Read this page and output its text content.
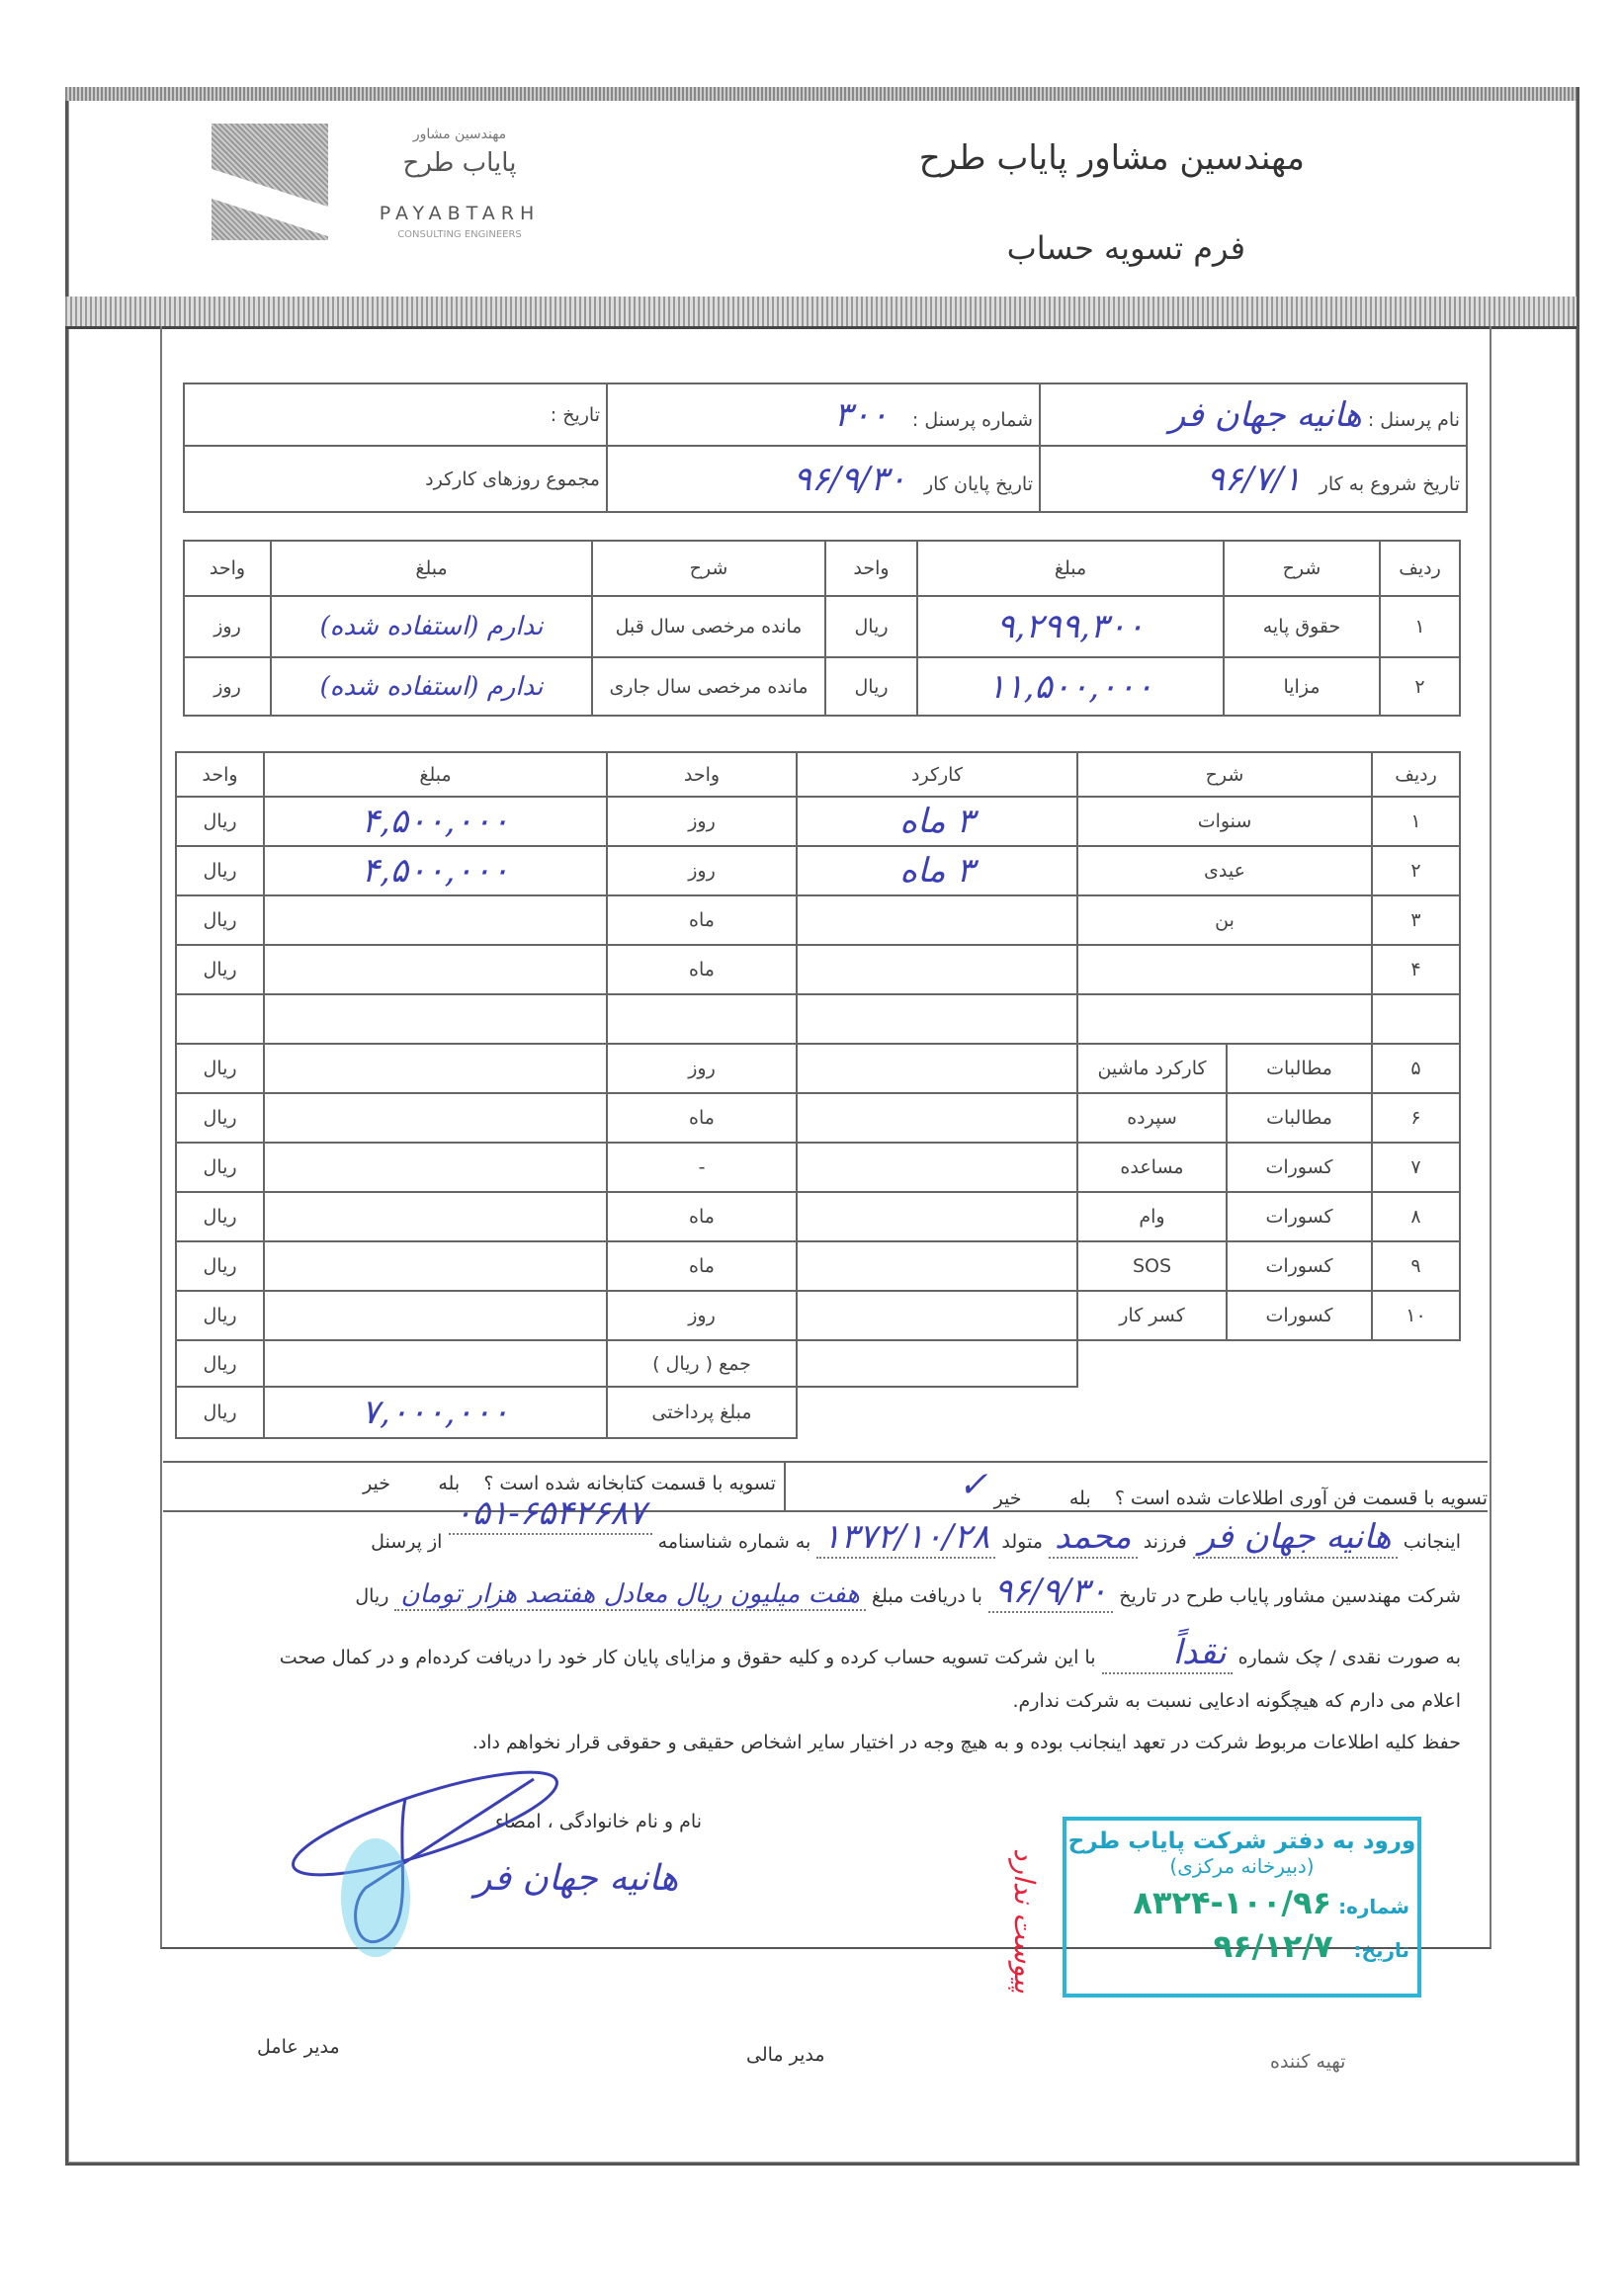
مهندسین مشاور
پایاب طرح
PAYABTARH
CONSULTING ENGINEERS
مهندسین مشاور پایاب طرح
فرم تسویه حساب
نام پرسنل : هانیه جهان فر	شماره پرسنل :    ۳۰۰	تاریخ :
تاریخ شروع به کار   ۹۶/۷/۱	تاریخ پایان کار   ۹۶/۹/۳۰	مجموع روزهای کارکرد
ردیف	شرح	مبلغ	واحد	شرح	مبلغ	واحد
۱	حقوق پایه	۹,۲۹۹,۳۰۰	ریال	مانده مرخصی سال قبل	ندارم (استفاده شده)	روز
۲	مزایا	۱۱,۵۰۰,۰۰۰	ریال	مانده مرخصی سال جاری	ندارم (استفاده شده)	روز
ردیف	شرح		کارکرد	واحد	مبلغ	واحد
۱	سنوات		۳ ماه	روز	۴,۵۰۰,۰۰۰	ریال
۲	عیدی		۳ ماه	روز	۴,۵۰۰,۰۰۰	ریال
۳	بن			ماه		ریال
۴				ماه		ریال

۵	مطالبات	کارکرد ماشین		روز		ریال
۶	مطالبات	سپرده		ماه		ریال
۷	کسورات	مساعده		-		ریال
۸	کسورات	وام		ماه		ریال
۹	کسورات	SOS		ماه		ریال
۱۰	کسورات	کسر کار		روز		ریال
				جمع ( ریال )		ریال
				مبلغ پرداختی	۷,۰۰۰,۰۰۰	ریال
تسویه با قسمت فن آوری اطلاعات شده است ؟    بله        خیر ✓
تسویه با قسمت کتابخانه شده است ؟    بله        خیر
اینجانب هانیه جهان فر فرزند محمد متولد ۱۳۷۲/۱۰/۲۸ به شماره شناسنامه ۰۵۱-۶۵۴۲۶۸۷ از پرسنل
شرکت مهندسین مشاور پایاب طرح در تاریخ ۹۶/۹/۳۰ با دریافت مبلغ هفت میلیون ریال معادل هفتصد هزار تومان ریال
به صورت نقدی / چک شماره نقداً با این شرکت تسویه حساب کرده و کلیه حقوق و مزایای پایان کار خود را دریافت کرده‌ام و در کمال صحت
اعلام می دارم که هیچگونه ادعایی نسبت به شرکت ندارم.
حفظ کلیه اطلاعات مربوط شرکت در تعهد اینجانب بوده و به هیچ وجه در اختیار سایر اشخاص حقیقی و حقوقی قرار نخواهم داد.
نام و نام خانوادگی ، امضاء
هانیه جهان فر
ورود به دفتر شرکت پایاب طرح
(دبیرخانه مرکزی)
شماره: ۱۰۰/۹۶-۸۳۲۴
تاریخ:   ۹۶/۱۲/۷
پیوست ندارد
مدیر عامل	مدیر مالی	تهیه کننده
